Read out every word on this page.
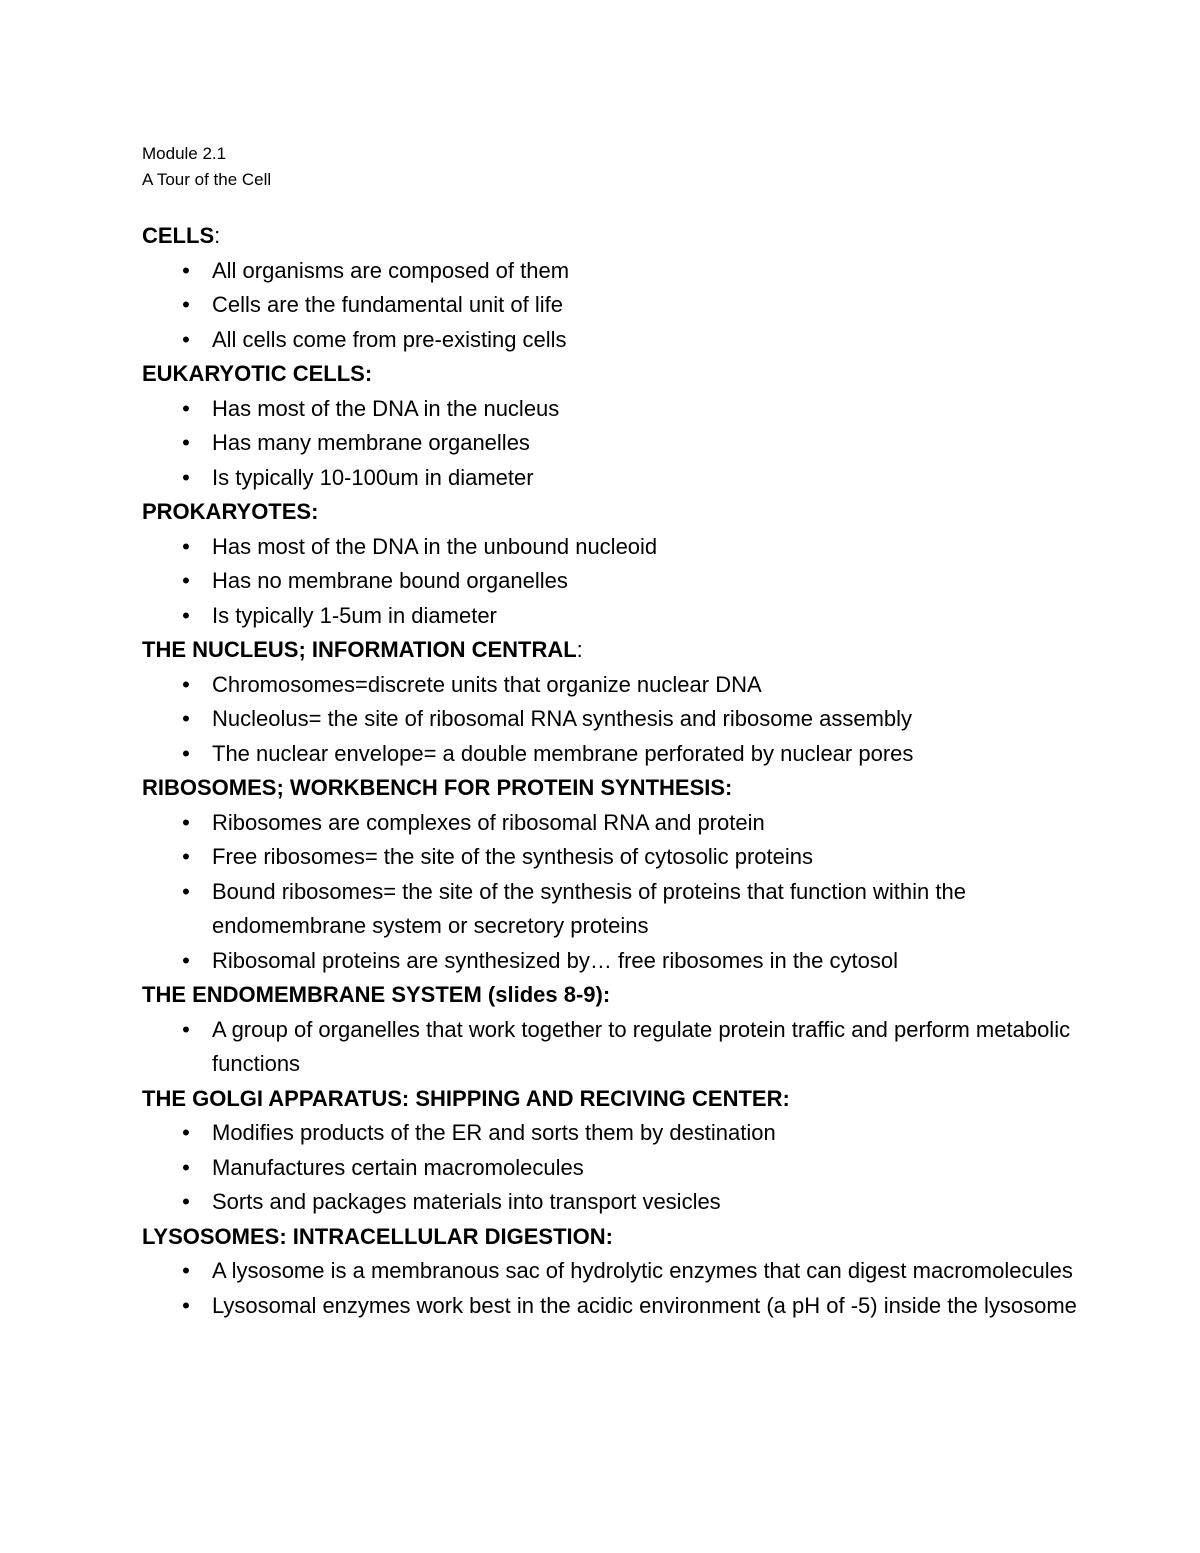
Module 2.1
A Tour of the Cell
CELLS:
• All organisms are composed of them
• Cells are the fundamental unit of life
• All cells come from pre-existing cells
EUKARYOTIC CELLS:
• Has most of the DNA in the nucleus
• Has many membrane organelles
• Is typically 10-100um in diameter
PROKARYOTES:
• Has most of the DNA in the unbound nucleoid
• Has no membrane bound organelles
• Is typically 1-5um in diameter
THE NUCLEUS; INFORMATION CENTRAL:
• Chromosomes=discrete units that organize nuclear DNA
• Nucleolus= the site of ribosomal RNA synthesis and ribosome assembly
• The nuclear envelope= a double membrane perforated by nuclear pores
RIBOSOMES; WORKBENCH FOR PROTEIN SYNTHESIS:
• Ribosomes are complexes of ribosomal RNA and protein
• Free ribosomes= the site of the synthesis of cytosolic proteins
• Bound ribosomes= the site of the synthesis of proteins that function within the endomembrane system or secretory proteins
• Ribosomal proteins are synthesized by… free ribosomes in the cytosol
THE ENDOMEMBRANE SYSTEM (slides 8-9):
• A group of organelles that work together to regulate protein traffic and perform metabolic functions
THE GOLGI APPARATUS: SHIPPING AND RECIVING CENTER:
• Modifies products of the ER and sorts them by destination
• Manufactures certain macromolecules
• Sorts and packages materials into transport vesicles
LYSOSOMES: INTRACELLULAR DIGESTION:
• A lysosome is a membranous sac of hydrolytic enzymes that can digest macromolecules
• Lysosomal enzymes work best in the acidic environment (a pH of -5) inside the lysosome
